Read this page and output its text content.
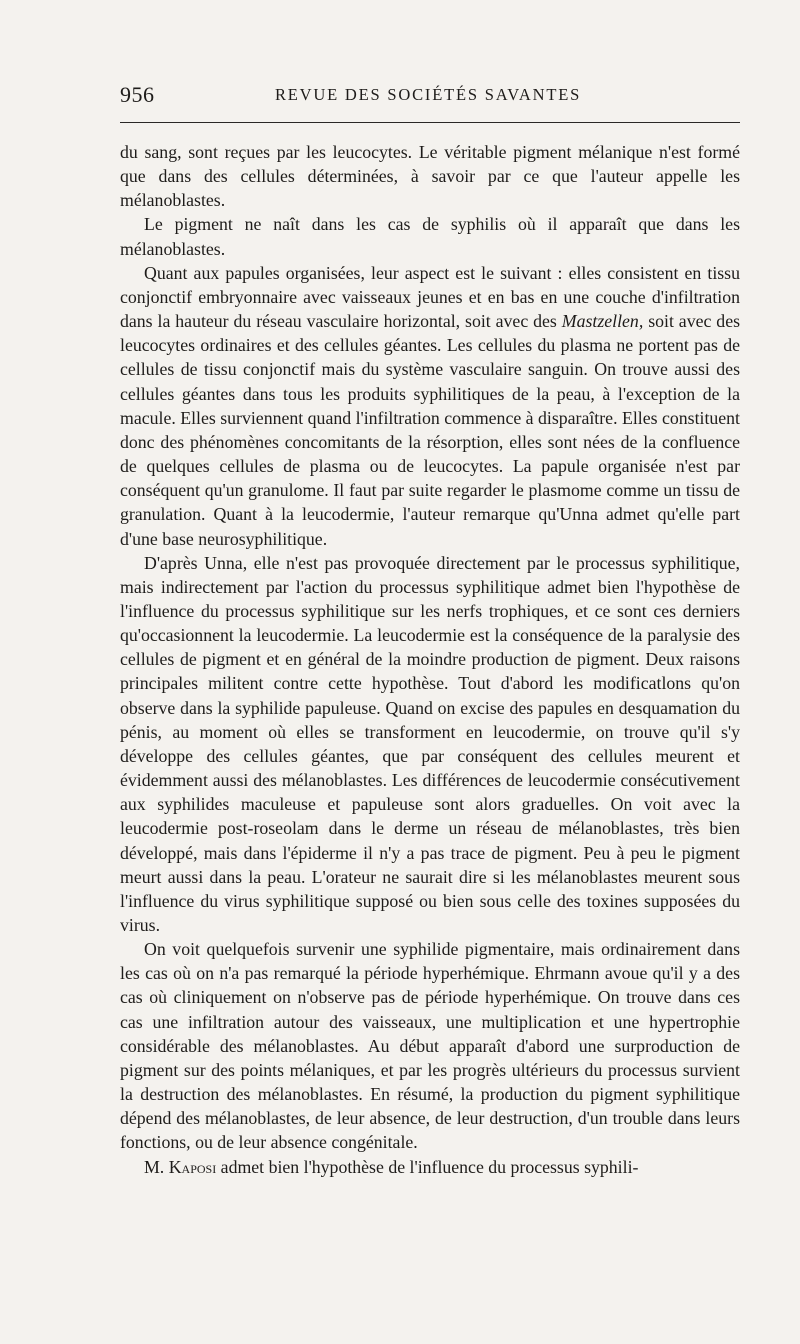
956	REVUE DES SOCIÉTÉS SAVANTES

du sang, sont reçues par les leucocytes. Le véritable pigment mélanique n'est formé que dans des cellules déterminées, à savoir par ce que l'auteur appelle les mélanoblastes.

Le pigment ne naît dans les cas de syphilis où il apparaît que dans les mélanoblastes.

Quant aux papules organisées, leur aspect est le suivant : elles consistent en tissu conjonctif embryonnaire avec vaisseaux jeunes et en bas en une couche d'infiltration dans la hauteur du réseau vasculaire horizontal, soit avec des Mastzellen, soit avec des leucocytes ordinaires et des cellules géantes. Les cellules du plasma ne portent pas de cellules de tissu conjonctif mais du système vasculaire sanguin. On trouve aussi des cellules géantes dans tous les produits syphilitiques de la peau, à l'exception de la macule. Elles surviennent quand l'infiltration commence à disparaître. Elles constituent donc des phénomènes concomitants de la résorption, elles sont nées de la confluence de quelques cellules de plasma ou de leucocytes. La papule organisée n'est par conséquent qu'un granulome. Il faut par suite regarder le plasmome comme un tissu de granulation. Quant à la leucodermie, l'auteur remarque qu'Unna admet qu'elle part d'une base neurosyphilitique.

D'après Unna, elle n'est pas provoquée directement par le processus syphilitique, mais indirectement par l'action du processus syphilitique admet bien l'hypothèse de l'influence du processus syphilitique sur les nerfs trophiques, et ce sont ces derniers qu'occasionnent la leucodermie. La leucodermie est la conséquence de la paralysie des cellules de pigment et en général de la moindre production de pigment. Deux raisons principales militent contre cette hypothèse. Tout d'abord les modificatlons qu'on observe dans la syphilide papuleuse. Quand on excise des papules en desquamation du pénis, au moment où elles se transforment en leucodermie, on trouve qu'il s'y développe des cellules géantes, que par conséquent des cellules meurent et évidemment aussi des mélanoblastes. Les différences de leucodermie consécutivement aux syphilides maculeuse et papuleuse sont alors graduelles. On voit avec la leucodermie post-roseolam dans le derme un réseau de mélanoblastes, très bien développé, mais dans l'épiderme il n'y a pas trace de pigment. Peu à peu le pigment meurt aussi dans la peau. L'orateur ne saurait dire si les mélanoblastes meurent sous l'influence du virus syphilitique supposé ou bien sous celle des toxines supposées du virus.

On voit quelquefois survenir une syphilide pigmentaire, mais ordinairement dans les cas où on n'a pas remarqué la période hyperhémique. Ehrmann avoue qu'il y a des cas où cliniquement on n'observe pas de période hyperhémique. On trouve dans ces cas une infiltration autour des vaisseaux, une multiplication et une hypertrophie considérable des mélanoblastes. Au début apparaît d'abord une surproduction de pigment sur des points mélaniques, et par les progrès ultérieurs du processus survient la destruction des mélanoblastes. En résumé, la production du pigment syphilitique dépend des mélanoblastes, de leur absence, de leur destruction, d'un trouble dans leurs fonctions, ou de leur absence congénitale.

M. Kaposi admet bien l'hypothèse de l'influence du processus syphili-
